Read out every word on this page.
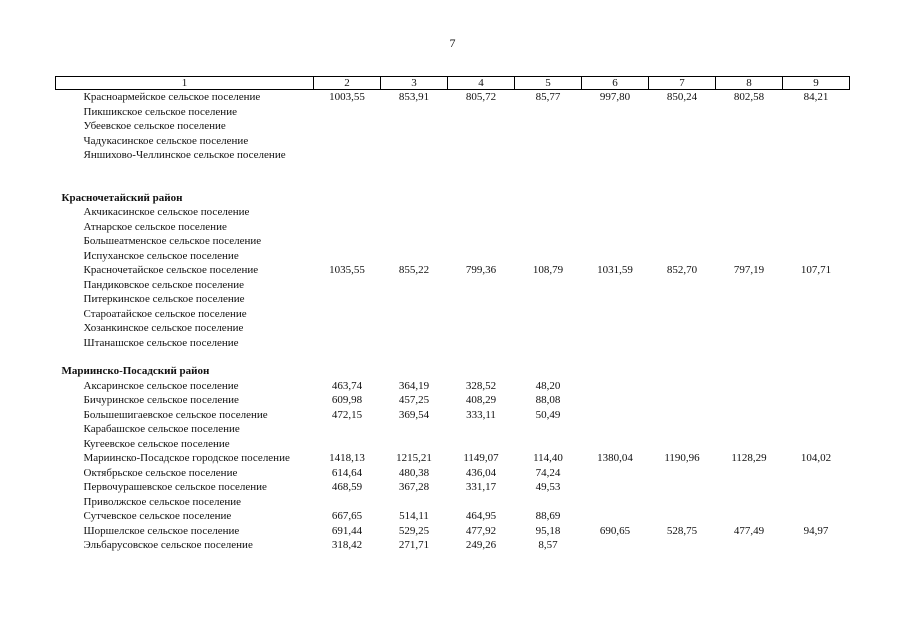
7
1	2	3	4	5	6	7	8	9
Красноармейское сельское поселение	1003,55	853,91	805,72	85,77	997,80	850,24	802,58	84,21
Пикшикское сельское поселение								
Убеевское сельское поселение								
Чадукасинское сельское поселение								
Яншихово-Челлинское сельское поселение								

Красночетайский район								
Акчикасинское сельское поселение								
Атнарское сельское поселение								
Большеатменское сельское поселение								
Испуханское сельское поселение								
Красночетайское сельское поселение	1035,55	855,22	799,36	108,79	1031,59	852,70	797,19	107,71
Пандиковское сельское поселение								
Питеркинское сельское поселение								
Староатайское сельское поселение								
Хозанкинское сельское поселение								
Штанашское сельское поселение								

Мариинско-Посадский район								
Аксаринское сельское поселение	463,74	364,19	328,52	48,20				
Бичуринское сельское поселение	609,98	457,25	408,29	88,08				
Большешигаевское сельское поселение	472,15	369,54	333,11	50,49				
Карабашское сельское поселение								
Кугеевское сельское поселение								
Мариинско-Посадское городское поселение	1418,13	1215,21	1149,07	114,40	1380,04	1190,96	1128,29	104,02
Октябрьское сельское поселение	614,64	480,38	436,04	74,24				
Первочурашевское сельское поселение	468,59	367,28	331,17	49,53				
Приволжское сельское поселение								
Сутчевское сельское поселение	667,65	514,11	464,95	88,69				
Шоршелское сельское поселение	691,44	529,25	477,92	95,18	690,65	528,75	477,49	94,97
Эльбарусовское сельское поселение	318,42	271,71	249,26	8,57				
